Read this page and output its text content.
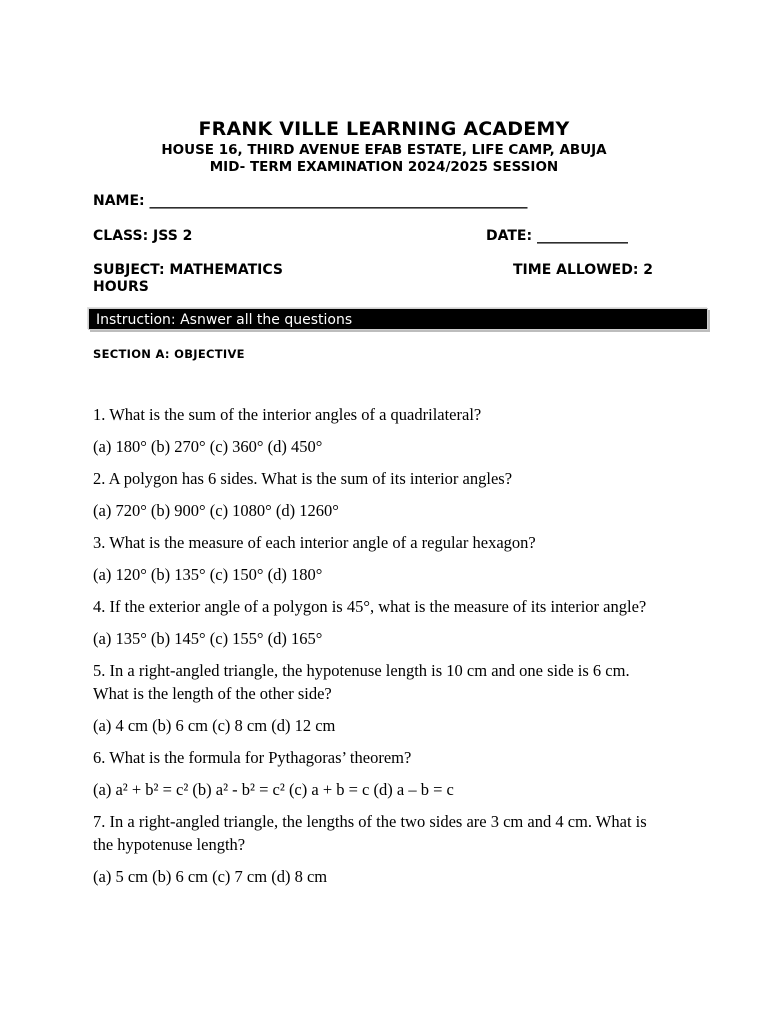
FRANK VILLE LEARNING ACADEMY
HOUSE 16, THIRD AVENUE EFAB ESTATE, LIFE CAMP, ABUJA
MID- TERM EXAMINATION 2024/2025 SESSION
NAME: ______________________________________________________
CLASS: JSS 2	DATE: _____________
SUBJECT: MATHEMATICS	TIME ALLOWED: 2
HOURS
Instruction: Asnwer all the questions
SECTION A: OBJECTIVE

1. What is the sum of the interior angles of a quadrilateral?

(a) 180° (b) 270° (c) 360° (d) 450°

2. A polygon has 6 sides. What is the sum of its interior angles?

(a) 720° (b) 900° (c) 1080° (d) 1260°

3. What is the measure of each interior angle of a regular hexagon?

(a) 120° (b) 135° (c) 150° (d) 180°

4. If the exterior angle of a polygon is 45°, what is the measure of its interior angle?

(a) 135° (b) 145° (c) 155° (d) 165°

5. In a right-angled triangle, the hypotenuse length is 10 cm and one side is 6 cm. What is the length of the other side?

(a) 4 cm (b) 6 cm (c) 8 cm (d) 12 cm

6. What is the formula for Pythagoras’ theorem?

(a) a² + b² = c² (b) a² - b² = c² (c) a + b = c (d) a – b = c

7. In a right-angled triangle, the lengths of the two sides are 3 cm and 4 cm. What is the hypotenuse length?

(a) 5 cm (b) 6 cm (c) 7 cm (d) 8 cm
